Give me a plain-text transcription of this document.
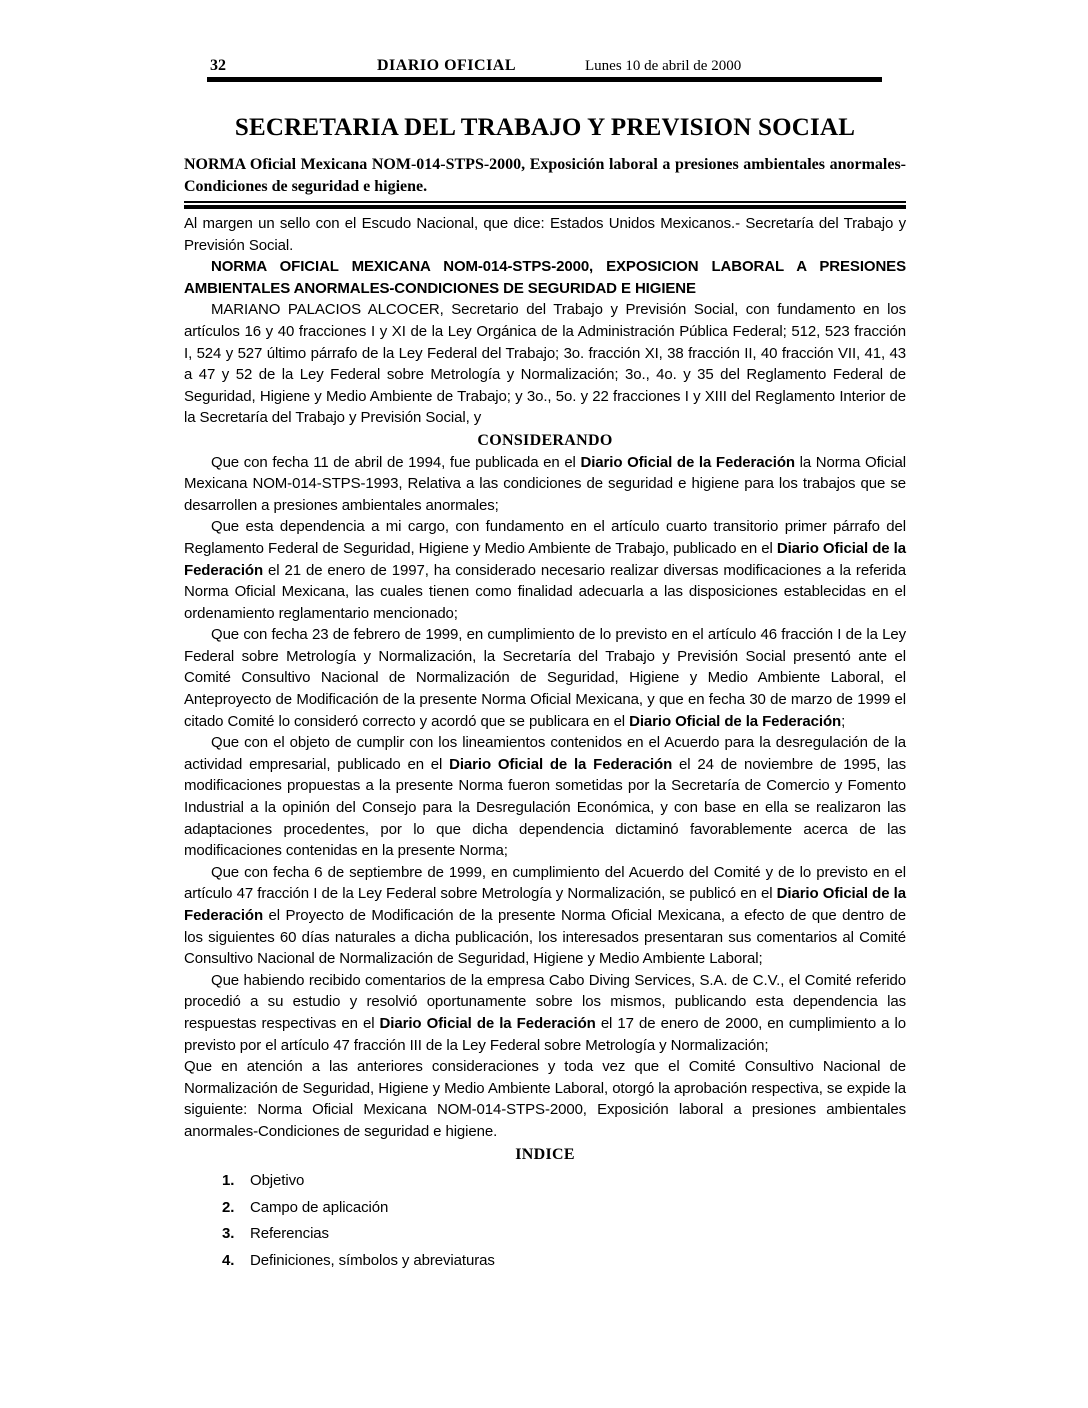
32	DIARIO OFICIAL	Lunes 10 de abril de 2000
SECRETARIA DEL TRABAJO Y PREVISION SOCIAL

NORMA Oficial Mexicana NOM-014-STPS-2000, Exposición laboral a presiones ambientales anormales-Condiciones de seguridad e higiene.

Al margen un sello con el Escudo Nacional, que dice: Estados Unidos Mexicanos.- Secretaría del Trabajo y Previsión Social.

NORMA OFICIAL MEXICANA NOM-014-STPS-2000, EXPOSICION LABORAL A PRESIONES AMBIENTALES ANORMALES-CONDICIONES DE SEGURIDAD E HIGIENE

MARIANO PALACIOS ALCOCER, Secretario del Trabajo y Previsión Social, con fundamento en los artículos 16 y 40 fracciones I y XI de la Ley Orgánica de la Administración Pública Federal; 512, 523 fracción I, 524 y 527 último párrafo de la Ley Federal del Trabajo; 3o. fracción XI, 38 fracción II, 40 fracción VII, 41, 43 a 47 y 52 de la Ley Federal sobre Metrología y Normalización; 3o., 4o. y 35 del Reglamento Federal de Seguridad, Higiene y Medio Ambiente de Trabajo; y 3o., 5o. y 22 fracciones I y XIII del Reglamento Interior de la Secretaría del Trabajo y Previsión Social, y

CONSIDERANDO

Que con fecha 11 de abril de 1994, fue publicada en el Diario Oficial de la Federación la Norma Oficial Mexicana NOM-014-STPS-1993, Relativa a las condiciones de seguridad e higiene para los trabajos que se desarrollen a presiones ambientales anormales;

Que esta dependencia a mi cargo, con fundamento en el artículo cuarto transitorio primer párrafo del Reglamento Federal de Seguridad, Higiene y Medio Ambiente de Trabajo, publicado en el Diario Oficial de la Federación el 21 de enero de 1997, ha considerado necesario realizar diversas modificaciones a la referida Norma Oficial Mexicana, las cuales tienen como finalidad adecuarla a las disposiciones establecidas en el ordenamiento reglamentario mencionado;

Que con fecha 23 de febrero de 1999, en cumplimiento de lo previsto en el artículo 46 fracción I de la Ley Federal sobre Metrología y Normalización, la Secretaría del Trabajo y Previsión Social presentó ante el Comité Consultivo Nacional de Normalización de Seguridad, Higiene y Medio Ambiente Laboral, el Anteproyecto de Modificación de la presente Norma Oficial Mexicana, y que en fecha 30 de marzo de 1999 el citado Comité lo consideró correcto y acordó que se publicara en el Diario Oficial de la Federación;

Que con el objeto de cumplir con los lineamientos contenidos en el Acuerdo para la desregulación de la actividad empresarial, publicado en el Diario Oficial de la Federación el 24 de noviembre de 1995, las modificaciones propuestas a la presente Norma fueron sometidas por la Secretaría de Comercio y Fomento Industrial a la opinión del Consejo para la Desregulación Económica, y con base en ella se realizaron las adaptaciones procedentes, por lo que dicha dependencia dictaminó favorablemente acerca de las modificaciones contenidas en la presente Norma;

Que con fecha 6 de septiembre de 1999, en cumplimiento del Acuerdo del Comité y de lo previsto en el artículo 47 fracción I de la Ley Federal sobre Metrología y Normalización, se publicó en el Diario Oficial de la Federación el Proyecto de Modificación de la presente Norma Oficial Mexicana, a efecto de que dentro de los siguientes 60 días naturales a dicha publicación, los interesados presentaran sus comentarios al Comité Consultivo Nacional de Normalización de Seguridad, Higiene y Medio Ambiente Laboral;

Que habiendo recibido comentarios de la empresa Cabo Diving Services, S.A. de C.V., el Comité referido procedió a su estudio y resolvió oportunamente sobre los mismos, publicando esta dependencia las respuestas respectivas en el Diario Oficial de la Federación el 17 de enero de 2000, en cumplimiento a lo previsto por el artículo 47 fracción III de la Ley Federal sobre Metrología y Normalización;

Que en atención a las anteriores consideraciones y toda vez que el Comité Consultivo Nacional de Normalización de Seguridad, Higiene y Medio Ambiente Laboral, otorgó la aprobación respectiva, se expide la siguiente: Norma Oficial Mexicana NOM-014-STPS-2000, Exposición laboral a presiones ambientales anormales-Condiciones de seguridad e higiene.

INDICE

1.	Objetivo
2.	Campo de aplicación
3.	Referencias
4.	Definiciones, símbolos y abreviaturas
